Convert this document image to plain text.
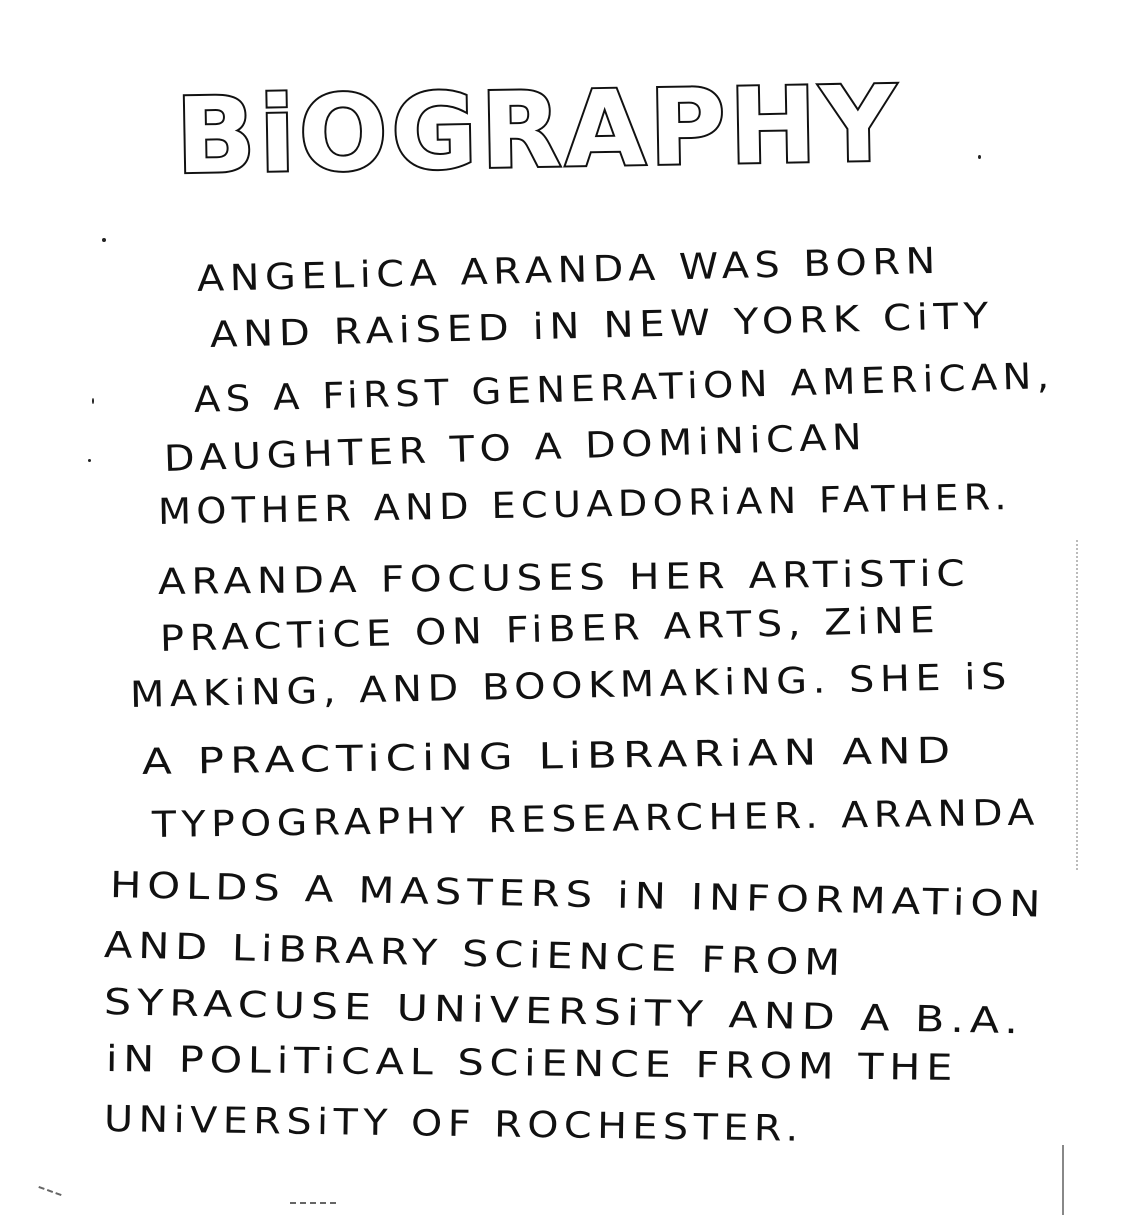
BiOGRAPHY

ANGELiCA ARANDA WAS BORN

AND RAiSED iN NEW YORK CiTY

AS A FiRST GENERATiON AMERiCAN,

DAUGHTER TO A DOMiNiCAN

MOTHER AND ECUADORiAN FATHER.

ARANDA FOCUSES HER ARTiSTiC

PRACTiCE ON FiBER ARTS, ZiNE

MAKiNG, AND BOOKMAKiNG. SHE iS

A PRACTiCiNG LiBRARiAN AND

TYPOGRAPHY RESEARCHER. ARANDA

HOLDS A MASTERS iN INFORMATiON

AND LiBRARY SCiENCE FROM

SYRACUSE UNiVERSiTY AND A B.A.

iN POLiTiCAL SCiENCE FROM THE

UNiVERSiTY OF ROCHESTER.
